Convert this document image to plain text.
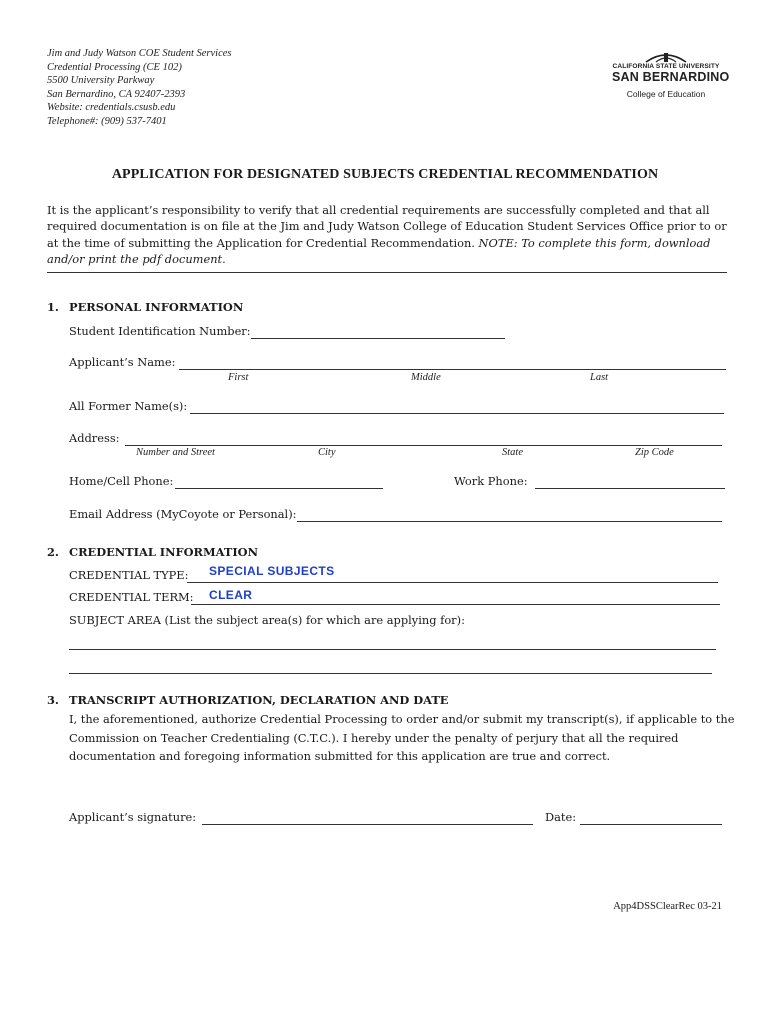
Jim and Judy Watson COE Student Services
Credential Processing (CE 102)
5500 University Parkway
San Bernardino, CA 92407-2393
Website: credentials.csusb.edu
Telephone#: (909) 537-7401
CALIFORNIA STATE UNIVERSITY
SAN BERNARDINO
College of Education
APPLICATION FOR DESIGNATED SUBJECTS CREDENTIAL RECOMMENDATION
It is the applicant’s responsibility to verify that all credential requirements are successfully completed and that all required documentation is on file at the Jim and Judy Watson College of Education Student Services Office prior to or at the time of submitting the Application for Credential Recommendation. NOTE: To complete this form, download and/or print the pdf document.
1. PERSONAL INFORMATION
Student Identification Number:
Applicant’s Name:
First	Middle	Last
All Former Name(s):
Address:
Number and Street	City	State	Zip Code
Home/Cell Phone:	Work Phone:
Email Address (MyCoyote or Personal):
2. CREDENTIAL INFORMATION
CREDENTIAL TYPE: SPECIAL SUBJECTS
CREDENTIAL TERM: CLEAR
SUBJECT AREA (List the subject area(s) for which are applying for):
3. TRANSCRIPT AUTHORIZATION, DECLARATION AND DATE
I, the aforementioned, authorize Credential Processing to order and/or submit my transcript(s), if applicable to the Commission on Teacher Credentialing (C.T.C.). I hereby under the penalty of perjury that all the required documentation and foregoing information submitted for this application are true and correct.
Applicant’s signature:	Date:
App4DSSClearRec 03-21
